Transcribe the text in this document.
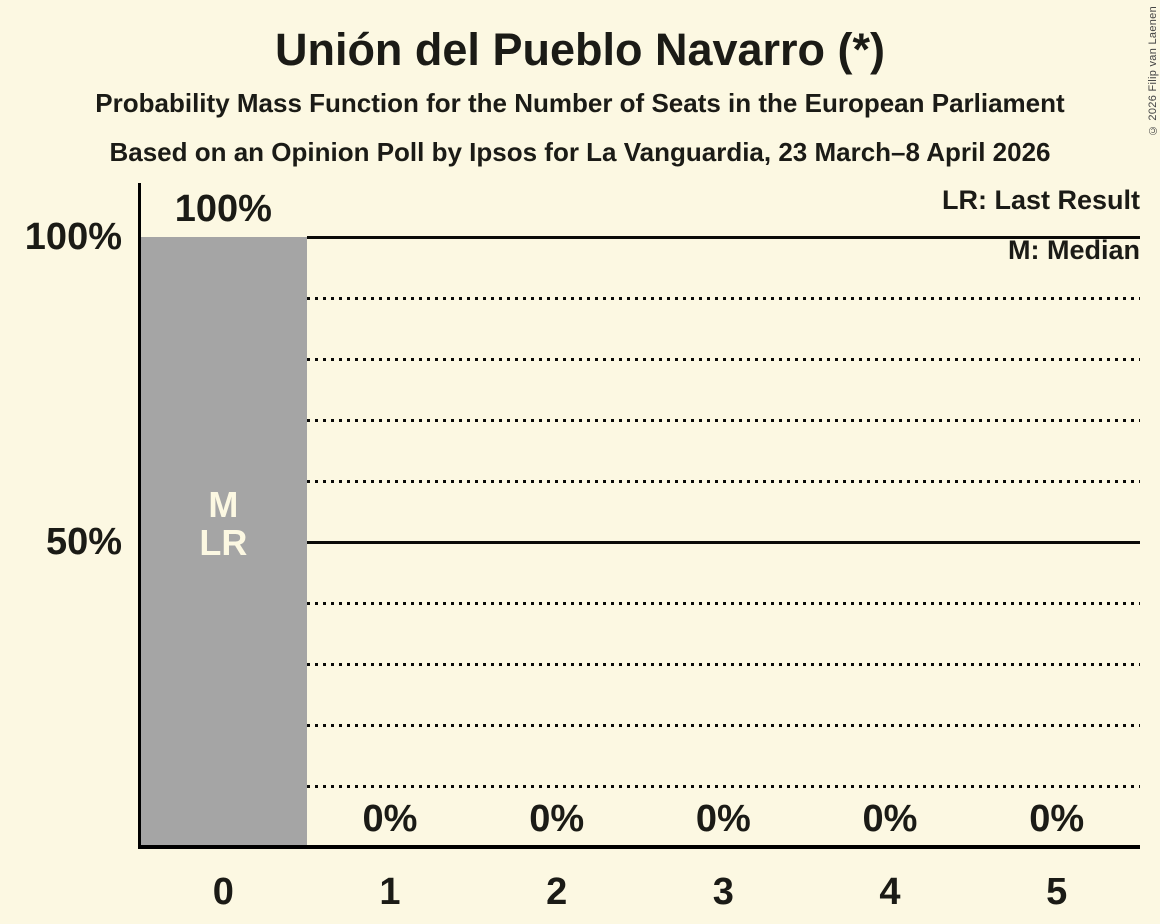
Unión del Pueblo Navarro (*)
Probability Mass Function for the Number of Seats in the European Parliament
Based on an Opinion Poll by Ipsos for La Vanguardia, 23 March–8 April 2026
© 2026 Filip van Laenen
LR: Last Result
M: Median
100%
50%
0	1	2	3	4	5
100%
0%	0%	0%	0%	0%
M
LR
